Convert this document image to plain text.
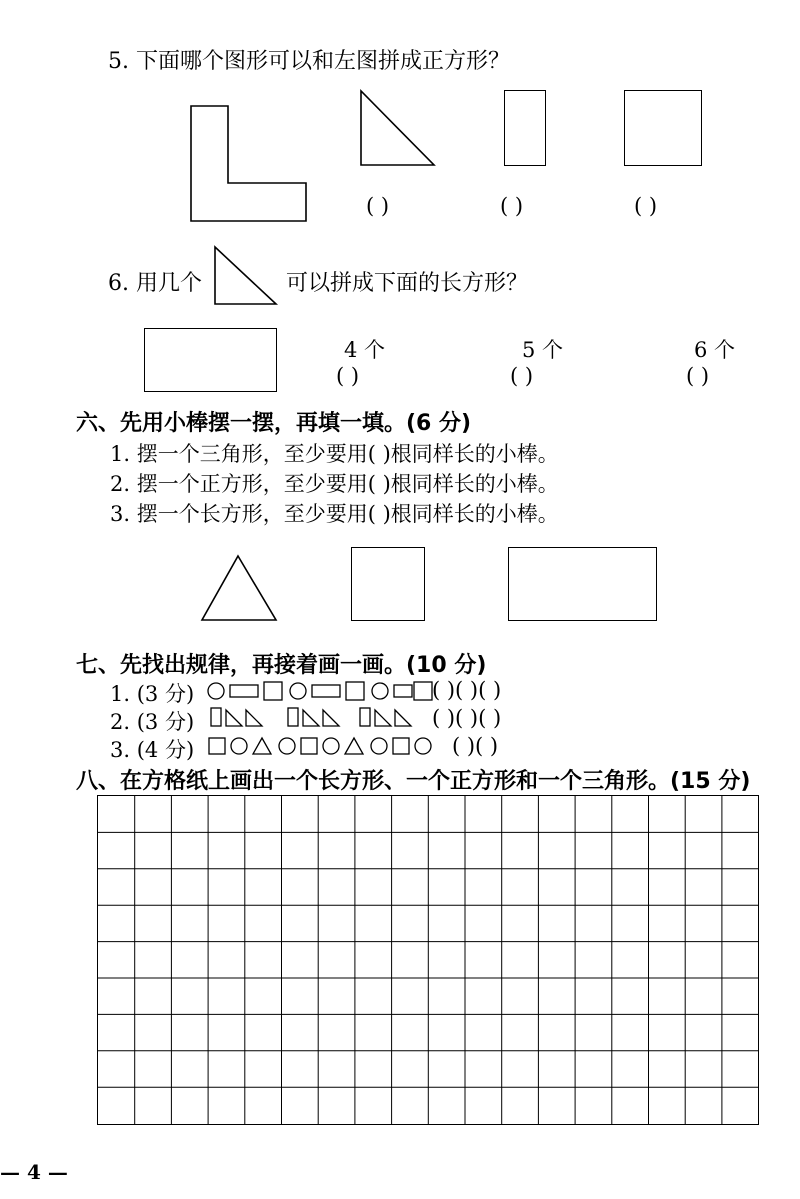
5. 下面哪个图形可以和左图拼成正方形？
( )	( )	( )
6. 用几个	可以拼成下面的长方形？
4 个	5 个	6 个
( )	( )	( )
六、先用小棒摆一摆，再填一填。(6 分)
1. 摆一个三角形，至少要用( )根同样长的小棒。
2. 摆一个正方形，至少要用( )根同样长的小棒。
3. 摆一个长方形，至少要用( )根同样长的小棒。
七、先找出规律，再接着画一画。(10 分)
1. (3 分)	( )( )( )
2. (3 分)	( )( )( )
3. (4 分)	( )( )
八、在方格纸上画出一个长方形、一个正方形和一个三角形。(15 分)
— 4 —
